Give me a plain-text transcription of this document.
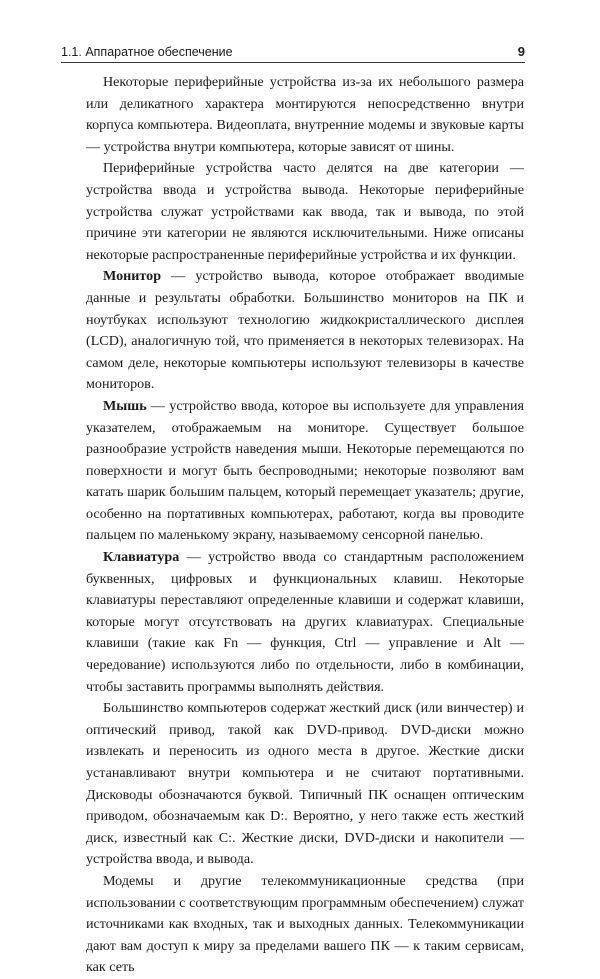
1.1. Аппаратное обеспечение	9

Некоторые периферийные устройства из-за их небольшого размера или деликатного характера монтируются непосредственно внутри корпуса компьютера. Видеоплата, внутренние модемы и звуковые карты — устройства внутри компьютера, которые зависят от шины.

Периферийные устройства часто делятся на две категории — устройства ввода и устройства вывода. Некоторые периферийные устройства служат устройствами как ввода, так и вывода, по этой причине эти категории не являются исключительными. Ниже описаны некоторые распространенные периферийные устройства и их функции.

Монитор — устройство вывода, которое отображает вводимые данные и результаты обработки. Большинство мониторов на ПК и ноутбуках используют технологию жидкокристаллического дисплея (LCD), аналогичную той, что применяется в некоторых телевизорах. На самом деле, некоторые компьютеры используют телевизоры в качестве мониторов.

Мышь — устройство ввода, которое вы используете для управления указателем, отображаемым на мониторе. Существует большое разнообразие устройств наведения мыши. Некоторые перемещаются по поверхности и могут быть беспроводными; некоторые позволяют вам катать шарик большим пальцем, который перемещает указатель; другие, особенно на портативных компьютерах, работают, когда вы проводите пальцем по маленькому экрану, называемому сенсорной панелью.

Клавиатура — устройство ввода со стандартным расположением буквенных, цифровых и функциональных клавиш. Некоторые клавиатуры переставляют определенные клавиши и содержат клавиши, которые могут отсутствовать на других клавиатурах. Специальные клавиши (такие как Fn — функция, Ctrl — управление и Alt — чередование) используются либо по отдельности, либо в комбинации, чтобы заставить программы выполнять действия.

Большинство компьютеров содержат жесткий диск (или винчестер) и оптический привод, такой как DVD-привод. DVD-диски можно извлекать и переносить из одного места в другое. Жесткие диски устанавливают внутри компьютера и не считают портативными. Дисководы обозначаются буквой. Типичный ПК оснащен оптическим приводом, обозначаемым как D:. Вероятно, у него также есть жесткий диск, известный как C:. Жесткие диски, DVD-диски и накопители — устройства ввода, и вывода.

Модемы и другие телекоммуникационные средства (при использовании с соответствующим программным обеспечением) служат источниками как входных, так и выходных данных. Телекоммуникации дают вам доступ к миру за пределами вашего ПК — к таким сервисам, как сеть
